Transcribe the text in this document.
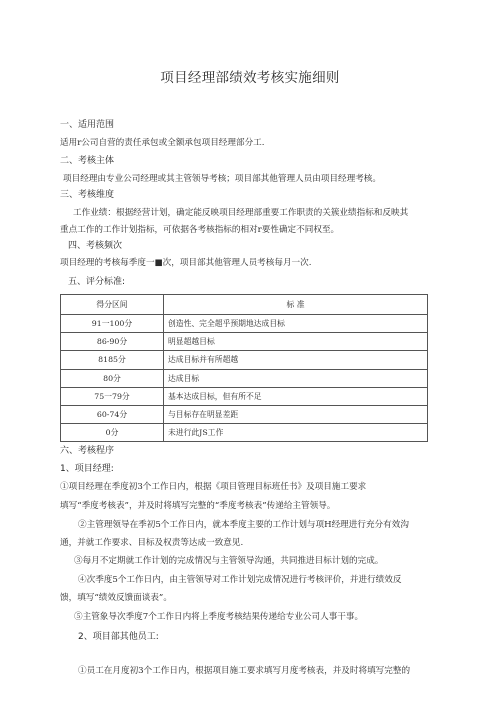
项目经理部绩效考核实施细则
一、适用范围
适用r公司自营的责任承包或全额承包项目经理部分工.
二、考核主体
项目经理由专业公司经理或其主管领导考核；项目部其他管理人员由项目经理考核。
三、考核维度
工作业绩：根据经营计划，确定能反映项目经理部重要工作职责的关簇业绩指标和反映其
重点工作的工作计划指标，可依据各考核指标的相对r要性确定不同权至。
四、考核频次
项目经理的考核每季度一■次，项目部其他管理人员考核每月一次.
五、评分标准:
得分区间	标 准
91一100分	创造性、完全超乎预期地达成目标
86-90分	明显超越目标
8185分	达成目标并有所超越
80分	达成目标
75一79分	基本达成目标，但有所不足
60-74分	与目标存在明显差距
0分	未进行此JS工作
六、考核程序
1、项目经理:
①项目经理在季度初3个工作日内，根据《项目管理目标班任书》及项目施工要求
填写“季度考核表”，并及时将填写完整的“季度考核表”传递给主管领导。
②主管理领导在季初5个工作日内，就本季度主要的工作计划与项H经理进行充分有效沟
通，并就工作要求、目标及权责等达成一致意见.
③每月不定期就工作计划的完成情况与主管领导沟通，共同推进目标计划的完成。
④次季度5个工作日内，由主管领导对工作计划完成情况进行考核评价，并进行绩效反
馈，填写“绩效反馈面谈表”。
⑤主管象导次季度7个工作日内将上季度考核结果传递给专业公司人事干事。
2、项目部其他员工:
①员工在月度初3个工作日内，根据项目施工要求填写月度考核表，并及时将填写完整的
